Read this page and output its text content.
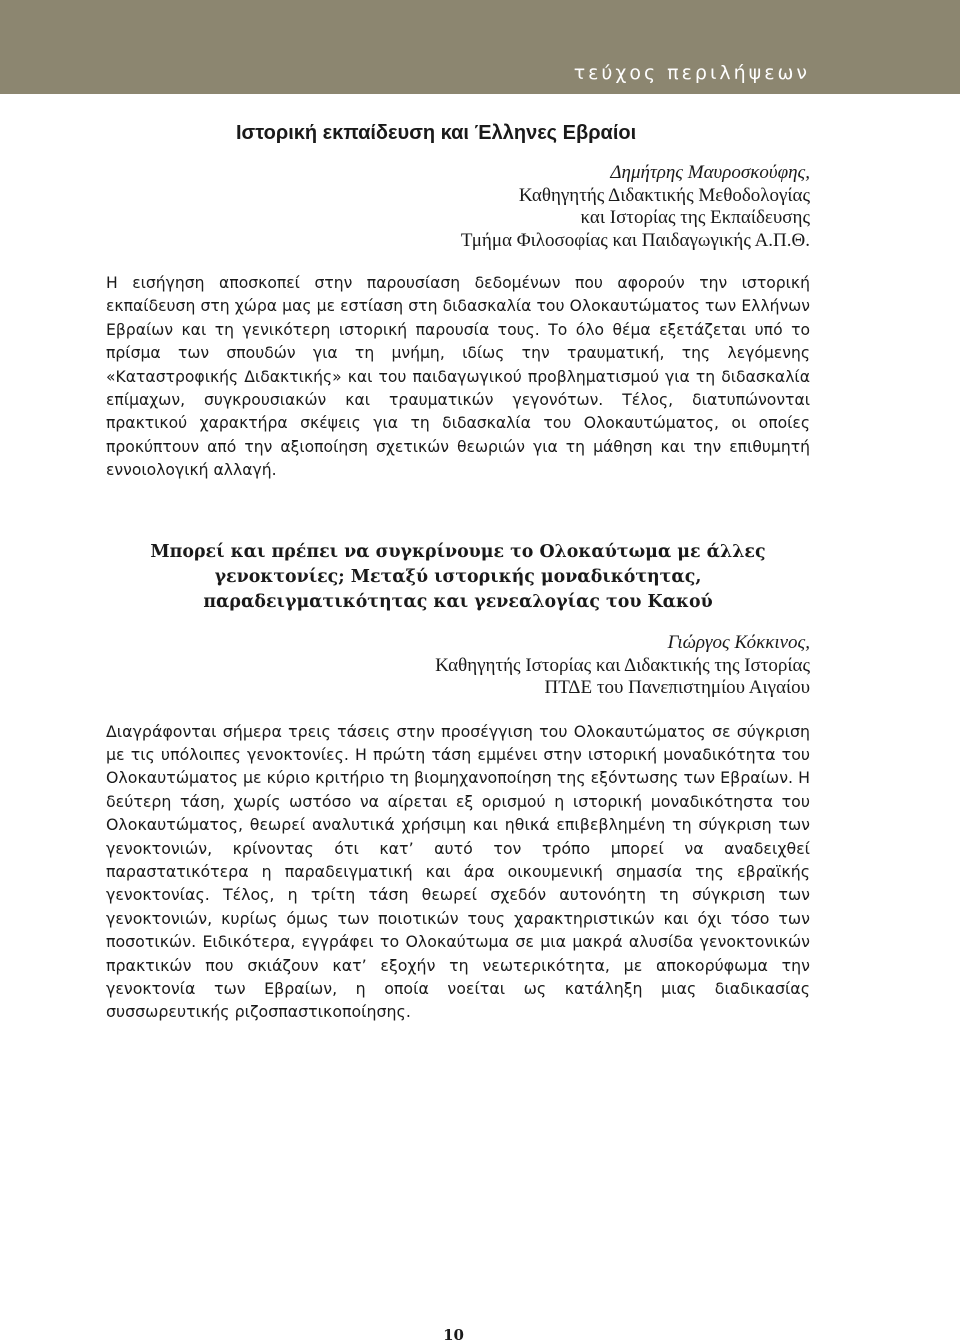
τεύχος περιλήψεων
Ιστορική εκπαίδευση και Έλληνες Εβραίοι
Δημήτρης Μαυροσκούφης,
Καθηγητής Διδακτικής Μεθοδολογίας
και Ιστορίας της Εκπαίδευσης
Τμήμα Φιλοσοφίας και Παιδαγωγικής Α.Π.Θ.

Η εισήγηση αποσκοπεί στην παρουσίαση δεδομένων που αφορούν την ιστορική εκπαίδευση στη χώρα μας με εστίαση στη διδασκαλία του Ολοκαυτώματος των Ελλήνων Εβραίων και τη γενικότερη ιστορική παρουσία τους. Το όλο θέμα εξετάζεται υπό το πρίσμα των σπουδών για τη μνήμη, ιδίως την τραυματική, της λεγόμενης «Καταστροφικής Διδακτικής» και του παιδαγωγικού προβληματισμού για τη διδασκαλία επίμαχων, συγκρουσιακών και τραυματικών γεγονότων. Τέλος, διατυπώνονται πρακτικού χαρακτήρα σκέψεις για τη διδασκαλία του Ολοκαυτώματος, οι οποίες προκύπτουν από την αξιοποίηση σχετικών θεωριών για τη μάθηση και την επιθυμητή εννοιολογική αλλαγή.

Μπορεί και πρέπει να συγκρίνουμε το Ολοκαύτωμα με άλλες γενοκτονίες; Μεταξύ ιστορικής μοναδικότητας, παραδειγματικότητας και γενεαλογίας του Κακού
Γιώργος Κόκκινος,
Καθηγητής Ιστορίας και Διδακτικής της Ιστορίας
ΠΤΔΕ του Πανεπιστημίου Αιγαίου

Διαγράφονται σήμερα τρεις τάσεις στην προσέγγιση του Ολοκαυτώματος σε σύγκριση με τις υπόλοιπες γενοκτονίες. Η πρώτη τάση εμμένει στην ιστορική μοναδικότητα του Ολοκαυτώματος με κύριο κριτήριο τη βιομηχανοποίηση της εξόντωσης των Εβραίων. Η δεύτερη τάση, χωρίς ωστόσο να αίρεται εξ ορισμού η ιστορική μοναδικότηστα του Ολοκαυτώματος, θεωρεί αναλυτικά χρήσιμη και ηθικά επιβεβλημένη τη σύγκριση των γενοκτονιών, κρίνοντας ότι κατ’ αυτό τον τρόπο μπορεί να αναδειχθεί παραστατικότερα η παραδειγματική και άρα οικουμενική σημασία της εβραϊκής γενοκτονίας. Τέλος, η τρίτη τάση θεωρεί σχεδόν αυτονόητη τη σύγκριση των γενοκτονιών, κυρίως όμως των ποιοτικών τους χαρακτηριστικών και όχι τόσο των ποσοτικών. Ειδικότερα, εγγράφει το Ολοκαύτωμα σε μια μακρά αλυσίδα γενοκτονικών πρακτικών που σκιάζουν κατ’ εξοχήν τη νεωτερικότητα, με αποκορύφωμα την γενοκτονία των Εβραίων, η οποία νοείται ως κατάληξη μιας διαδικασίας συσσωρευτικής ριζοσπαστικοποίησης.

10
